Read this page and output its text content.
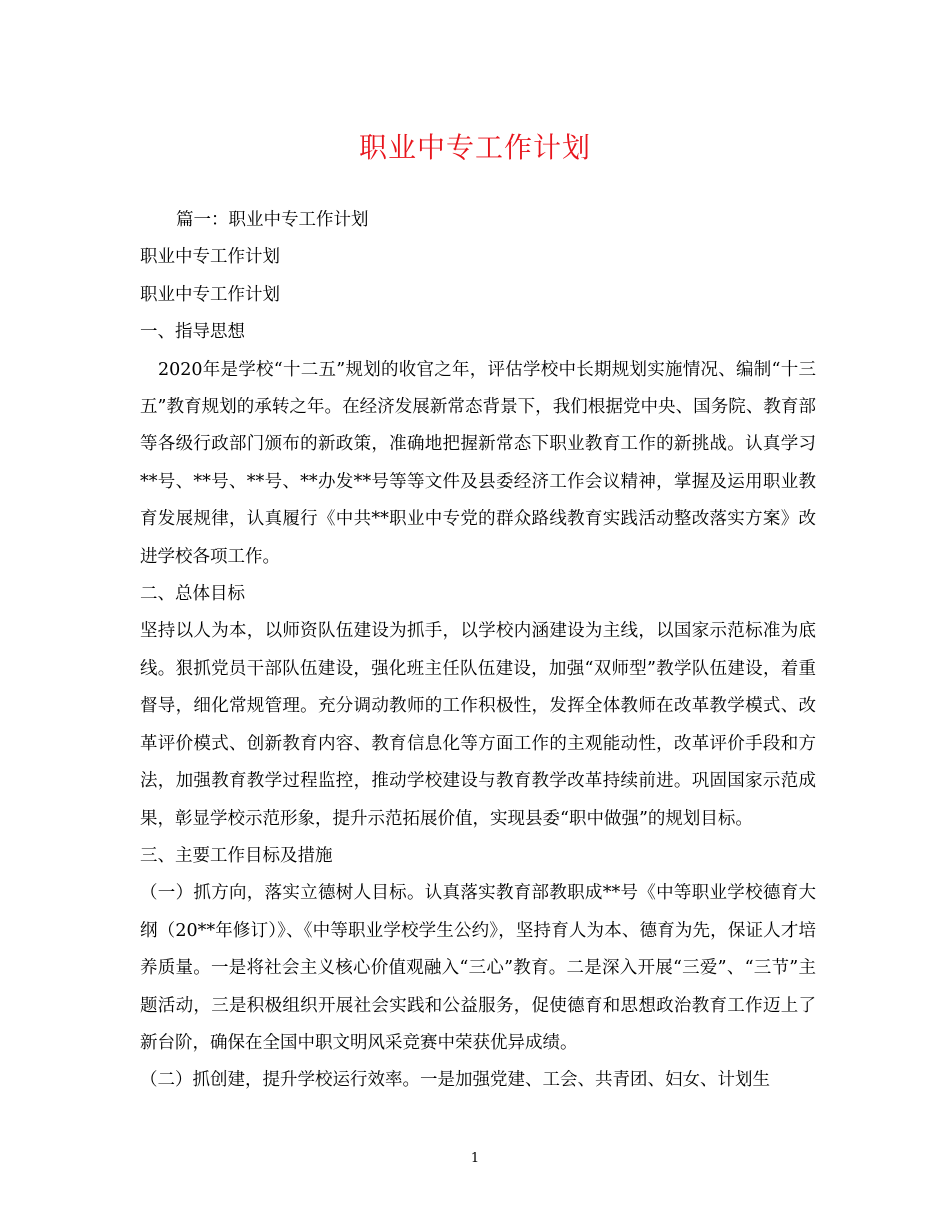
职业中专工作计划

篇一：职业中专工作计划

职业中专工作计划

职业中专工作计划

一、指导思想

2020年是学校“十二五”规划的收官之年，评估学校中长期规划实施情况、编制“十三五”教育规划的承转之年。在经济发展新常态背景下，我们根据党中央、国务院、教育部等各级行政部门颁布的新政策，准确地把握新常态下职业教育工作的新挑战。认真学习**号、**号、**号、**办发**号等等文件及县委经济工作会议精神，掌握及运用职业教育发展规律，认真履行《中共**职业中专党的群众路线教育实践活动整改落实方案》改进学校各项工作。

二、总体目标

坚持以人为本，以师资队伍建设为抓手，以学校内涵建设为主线，以国家示范标准为底线。狠抓党员干部队伍建设，强化班主任队伍建设，加强“双师型”教学队伍建设，着重督导，细化常规管理。充分调动教师的工作积极性，发挥全体教师在改革教学模式、改革评价模式、创新教育内容、教育信息化等方面工作的主观能动性，改革评价手段和方法，加强教育教学过程监控，推动学校建设与教育教学改革持续前进。巩固国家示范成果，彰显学校示范形象，提升示范拓展价值，实现县委“职中做强”的规划目标。

三、主要工作目标及措施

（一）抓方向，落实立德树人目标。认真落实教育部教职成**号《中等职业学校德育大纲（20**年修订）》、《中等职业学校学生公约》，坚持育人为本、德育为先，保证人才培养质量。一是将社会主义核心价值观融入“三心”教育。二是深入开展“三爱”、“三节”主题活动，三是积极组织开展社会实践和公益服务，促使德育和思想政治教育工作迈上了新台阶，确保在全国中职文明风采竞赛中荣获优异成绩。

（二）抓创建，提升学校运行效率。一是加强党建、工会、共青团、妇女、计划生

1
